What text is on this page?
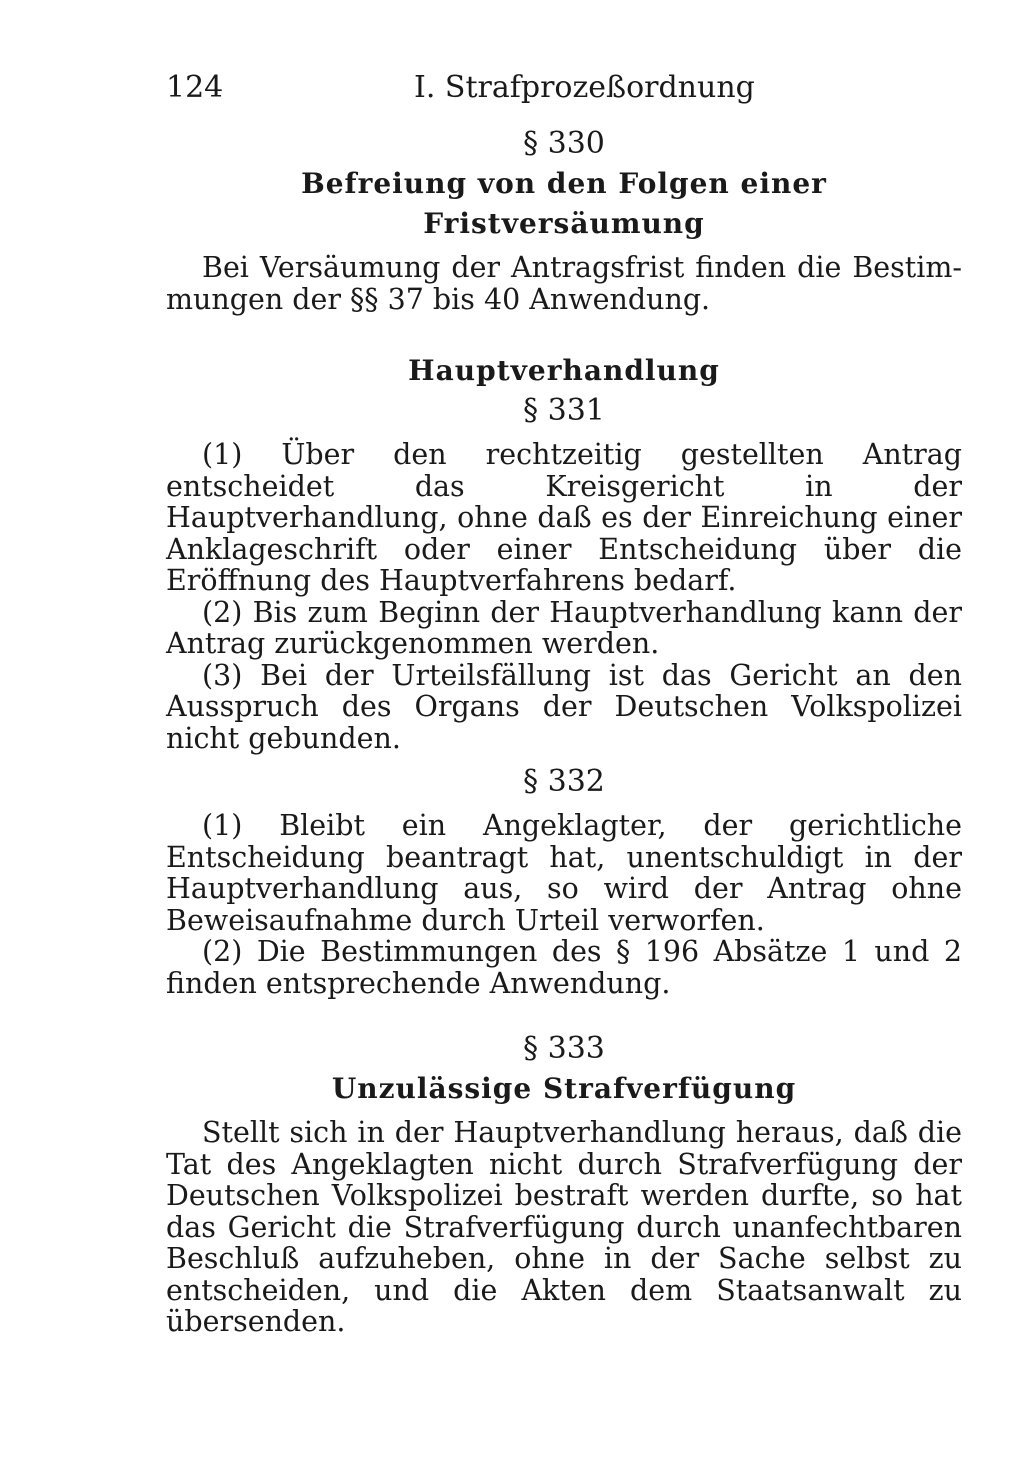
124	I. Strafprozeßordnung
§ 330
Befreiung von den Folgen einer Fristversäumung

Bei Versäumung der Antragsfrist finden die Bestimmungen der §§ 37 bis 40 Anwendung.

Hauptverhandlung
§ 331

(1) Über den rechtzeitig gestellten Antrag entscheidet das Kreisgericht in der Hauptverhandlung, ohne daß es der Einreichung einer Anklageschrift oder einer Entscheidung über die Eröffnung des Hauptverfahrens bedarf.

(2) Bis zum Beginn der Hauptverhandlung kann der Antrag zurückgenommen werden.

(3) Bei der Urteilsfällung ist das Gericht an den Ausspruch des Organs der Deutschen Volkspolizei nicht gebunden.

§ 332

(1) Bleibt ein Angeklagter, der gerichtliche Entscheidung beantragt hat, unentschuldigt in der Hauptverhandlung aus, so wird der Antrag ohne Beweisaufnahme durch Urteil verworfen.

(2) Die Bestimmungen des § 196 Absätze 1 und 2 finden entsprechende Anwendung.

§ 333
Unzulässige Strafverfügung

Stellt sich in der Hauptverhandlung heraus, daß die Tat des Angeklagten nicht durch Strafverfügung der Deutschen Volkspolizei bestraft werden durfte, so hat das Gericht die Strafverfügung durch unanfechtbaren Beschluß aufzuheben, ohne in der Sache selbst zu entscheiden, und die Akten dem Staatsanwalt zu übersenden.
